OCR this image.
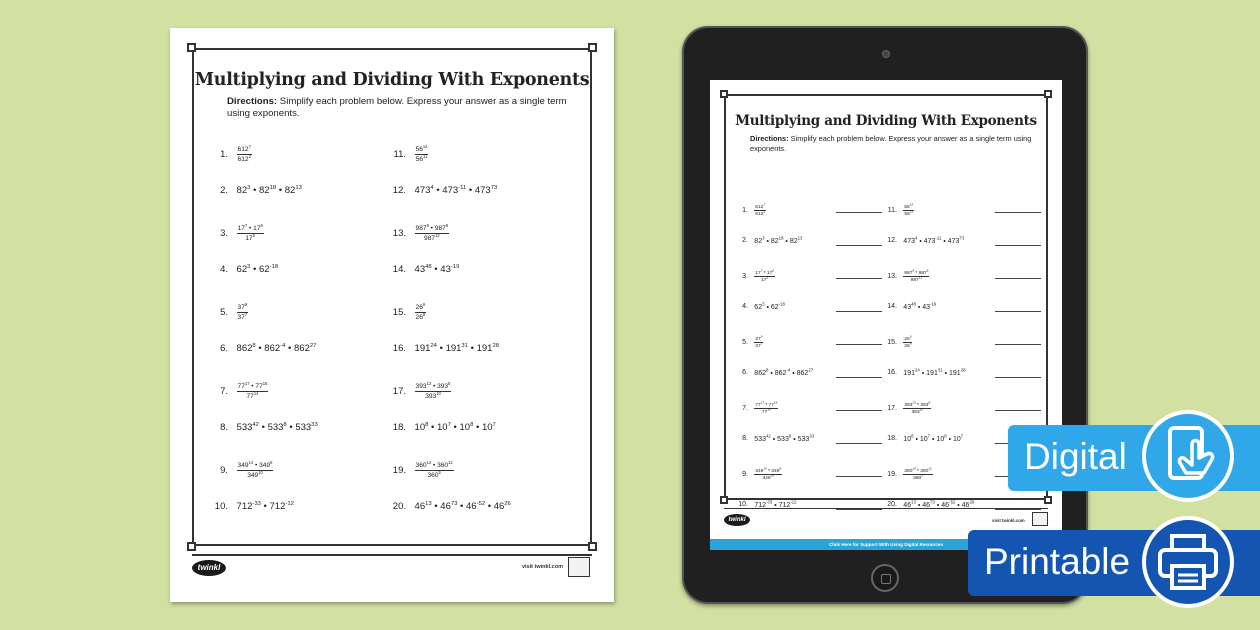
Multiplying and Dividing With Exponents
Directions: Simplify each problem below. Express your answer as a single term using exponents.
1. $\frac{612^7}{612^2}$
2. $82^3$ • $82^{18}$ • $82^{13}$
3. $\frac{17^7 • 17^8}{17^5}$
4. $62^3$ • $62^{-18}$
5. $\frac{37^9}{37^7}$
6. $862^8$ • $862^{-4}$ • $862^{27}$
7. $\frac{77^{17} • 77^{18}}{77^{14}}$
8. $533^{42}$ • $533^8$ • $533^{33}$
9. $\frac{349^{14} • 349^8}{349^{10}}$
10. $712^{-33}$ • $712^{-12}$
11. $\frac{56^{14}}{56^{11}}$
12. $473^4$ • $473^{-11}$ • $473^{73}$
13. $\frac{987^9 • 987^8}{987^{12}}$
14. $43^{48}$ • $43^{-19}$
15. $\frac{26^9}{26^8}$
16. $191^{24}$ • $191^{31}$ • $191^{28}$
17. $\frac{393^{13} • 393^8}{393^{10}}$
18. $10^8$ • $10^7$ • $10^8$ • $10^7$
19. $\frac{360^{14} • 360^{12}}{360^5}$
20. $46^{13}$ • $46^{73}$ • $46^{-52}$ • $46^{26}$
twinkl	visit twinkl.com
Multiplying and Dividing With Exponents
Directions: Simplify each problem below. Express your answer as a single term using exponents.
1. $\frac{612^7}{612^2}$
2. $82^3$ • $82^{18}$ • $82^{13}$
3. $\frac{17^7 • 17^8}{17^5}$
4. $62^3$ • $62^{-18}$
5. $\frac{37^9}{37^7}$
6. $862^8$ • $862^{-4}$ • $862^{27}$
7. $\frac{77^{17} • 77^{18}}{77^{14}}$
8. $533^{42}$ • $533^8$ • $533^{33}$
9. $\frac{349^{14} • 349^8}{349^{10}}$
10. $712^{-33}$ • $712^{-12}$
11. $\frac{56^{14}}{56^{11}}$
12. $473^4$ • $473^{-11}$ • $473^{73}$
13. $\frac{987^9 • 987^8}{987^{12}}$
14. $43^{48}$ • $43^{-19}$
15. $\frac{26^9}{26^8}$
16. $191^{24}$ • $191^{31}$ • $191^{28}$
17. $\frac{393^{13} • 393^8}{393^{10}}$
18. $10^8$ • $10^7$ • $10^8$ • $10^7$
19. $\frac{360^{14} • 360^{12}}{360^5}$
20. $46^{13}$ • $46^{73}$ • $46^{-52}$ • $46^{26}$
twinkl	visit twinkl.com
Click Here for Support With Using Digital Resources
Digital
Printable
